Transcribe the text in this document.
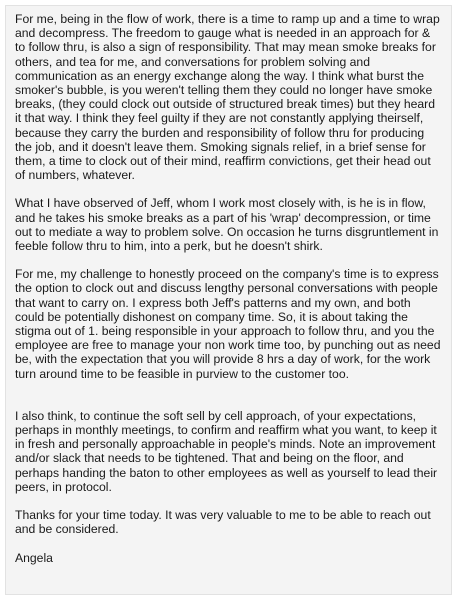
For me, being in the flow of work, there is a time to ramp up and a time to wrap and decompress. The freedom to gauge what is needed in an approach for & to follow thru, is also a sign of responsibility. That may mean smoke breaks for others, and tea for me, and conversations for problem solving and communication as an energy exchange along the way. I think what burst the smoker's bubble, is you weren't telling them they could no longer have smoke breaks, (they could clock out outside of structured break times) but they heard it that way. I think they feel guilty if they are not constantly applying theirself, because they carry the burden and responsibility of follow thru for producing the job, and it doesn't leave them. Smoking signals relief, in a brief sense for them, a time to clock out of their mind, reaffirm convictions, get their head out of numbers, whatever.

What I have observed of Jeff, whom I work most closely with, is he is in flow, and he takes his smoke breaks as a part of his 'wrap' decompression, or time out to mediate a way to problem solve. On occasion he turns disgruntlement in feeble follow thru to him, into a perk, but he doesn't shirk.

For me, my challenge to honestly proceed on the company's time is to express the option to clock out and discuss lengthy personal conversations with people that want to carry on. I express both Jeff's patterns and my own, and both could be potentially dishonest on company time. So, it is about taking the stigma out of 1. being responsible in your approach to follow thru, and you the employee are free to manage your non work time too, by punching out as need be, with the expectation that you will provide 8 hrs a day of work, for the work turn around time to be feasible in purview to the customer too.

I also think, to continue the soft sell by cell approach, of your expectations, perhaps in monthly meetings, to confirm and reaffirm what you want, to keep it in fresh and personally approachable in people's minds. Note an improvement and/or slack that needs to be tightened. That and being on the floor, and perhaps handing the baton to other employees as well as yourself to lead their peers, in protocol.

Thanks for your time today. It was very valuable to me to be able to reach out and be considered.

Angela
